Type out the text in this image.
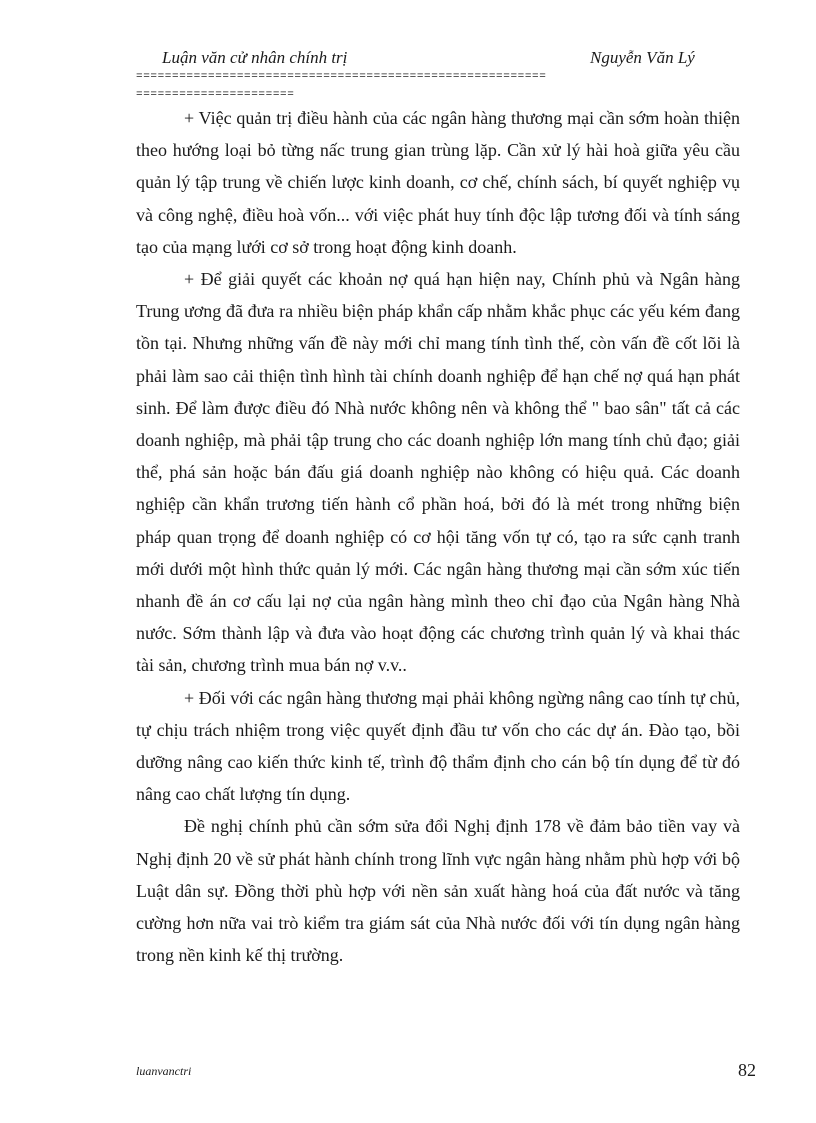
Luận văn cử nhân chính trị	Nguyễn Văn Lý
=========================================================
======================

+ Việc quản trị điều hành của các ngân hàng thương mại cần sớm hoàn thiện theo hướng loại bỏ từng nấc trung gian trùng lặp. Cần xử lý hài hoà giữa yêu cầu quản lý tập trung về chiến lược kinh doanh, cơ chế, chính sách, bí quyết nghiệp vụ và công nghệ, điều hoà vốn... với việc phát huy tính độc lập tương đối và tính sáng tạo của mạng lưới cơ sở trong hoạt động kinh doanh.

+ Để giải quyết các khoản nợ quá hạn hiện nay, Chính phủ và Ngân hàng Trung ương đã đưa ra nhiều biện pháp khẩn cấp nhằm khắc phục các yếu kém đang tồn tại. Nhưng những vấn đề này mới chỉ mang tính tình thế, còn vấn đề cốt lõi là phải làm sao cải thiện tình hình tài chính doanh nghiệp để hạn chế nợ quá hạn phát sinh. Để làm được điều đó Nhà nước không nên và không thể " bao sân" tất cả các doanh nghiệp, mà phải tập trung cho các doanh nghiệp lớn mang tính chủ đạo; giải thể, phá sản hoặc bán đấu giá doanh nghiệp nào không có hiệu quả. Các doanh nghiệp cần khẩn trương tiến hành cổ phần hoá, bởi đó là mét trong những biện pháp quan trọng để doanh nghiệp có cơ hội tăng vốn tự có, tạo ra sức cạnh tranh mới dưới một hình thức quản lý mới. Các ngân hàng thương mại cần sớm xúc tiến nhanh đề án cơ cấu lại nợ của ngân hàng mình theo chỉ đạo của Ngân hàng Nhà nước. Sớm thành lập và đưa vào hoạt động các chương trình quản lý và khai thác tài sản, chương trình mua bán nợ v.v..

+ Đối với các ngân hàng thương mại phải không ngừng nâng cao tính tự chủ, tự chịu trách nhiệm trong việc quyết định đầu tư vốn cho các dự án. Đào tạo, bồi dưỡng nâng cao kiến thức kinh tế, trình độ thẩm định cho cán bộ tín dụng để từ đó nâng cao chất lượng tín dụng.

Đề nghị chính phủ cần sớm sửa đổi Nghị định 178 về đảm bảo tiền vay và Nghị định 20 về sử phát hành chính trong lĩnh vực ngân hàng nhằm phù hợp với bộ Luật dân sự. Đồng thời phù hợp với nền sản xuất hàng hoá của đất nước và tăng cường hơn nữa vai trò kiểm tra giám sát của Nhà nước đối với tín dụng ngân hàng trong nền kinh kế thị trường.

luanvanctri	82
